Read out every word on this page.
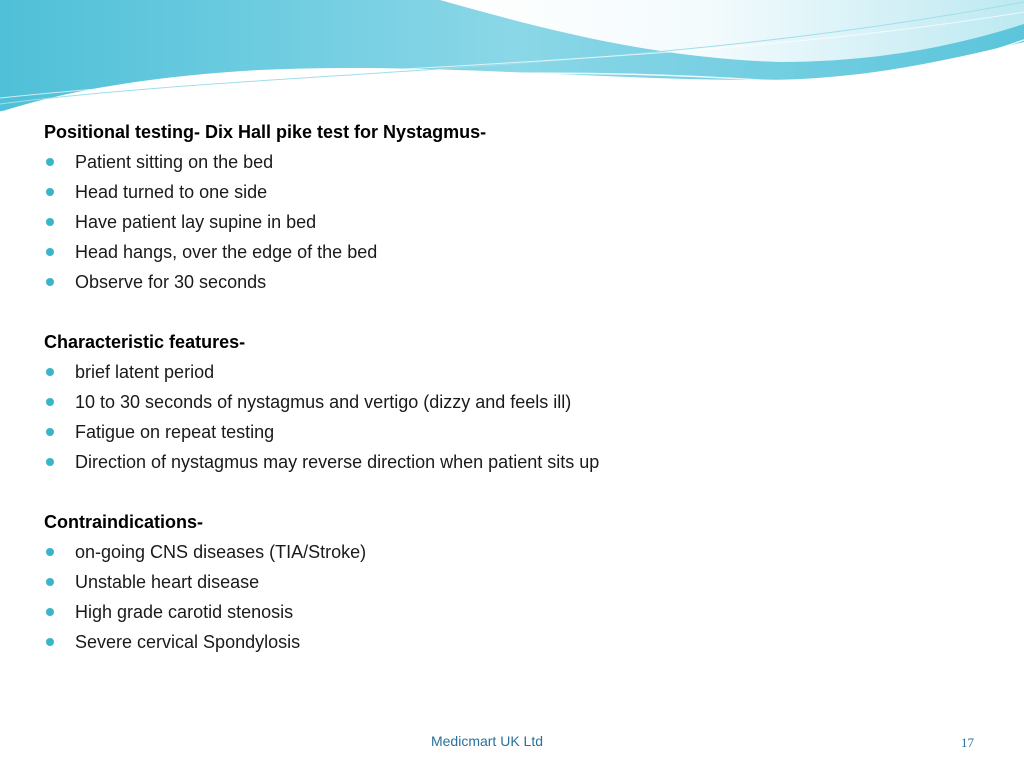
Positional testing- Dix Hall pike test for Nystagmus-
Patient sitting on the bed
Head turned to one side
Have patient lay supine in bed
Head hangs, over the edge of the bed
Observe for 30 seconds
Characteristic features-
brief latent period
10 to 30 seconds of nystagmus and vertigo (dizzy and feels ill)
Fatigue on repeat testing
Direction of nystagmus may reverse direction when patient sits up
Contraindications-
on-going CNS diseases (TIA/Stroke)
Unstable heart disease
High grade carotid stenosis
Severe cervical Spondylosis
Medicmart UK Ltd	17
